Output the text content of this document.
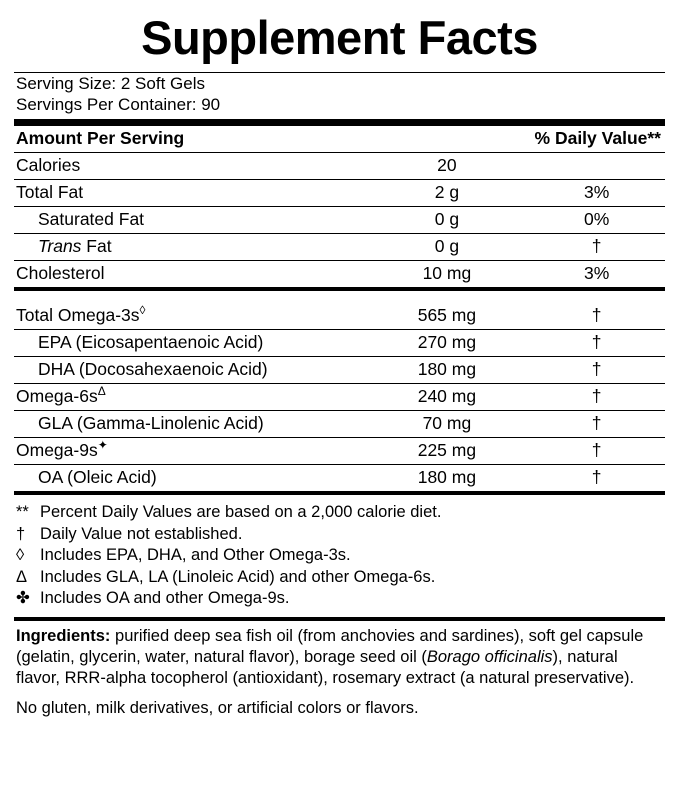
Supplement Facts
Serving Size: 2 Soft Gels
Servings Per Container: 90
Amount Per Serving		% Daily Value**
Calories	20	
Total Fat	2 g	3%
Saturated Fat	0 g	0%
Trans Fat	0 g	†
Cholesterol	10 mg	3%

Total Omega-3s◊	565 mg	†
EPA (Eicosapentaenoic Acid)	270 mg	†
DHA (Docosahexaenoic Acid)	180 mg	†
Omega-$6s^\Delta$	240 mg	†
GLA (Gamma-Linolenic Acid)	70 mg	†
Omega-9s✦	225 mg	†
OA (Oleic Acid)	180 mg	†
** Percent Daily Values are based on a 2,000 calorie diet.
† Daily Value not established.
◊ Includes EPA, DHA, and Other Omega-3s.
Δ Includes GLA, LA (Linoleic Acid) and other Omega-6s.
✤ Includes OA and other Omega-9s.
Ingredients: purified deep sea fish oil (from anchovies and sardines), soft gel capsule (gelatin, glycerin, water, natural flavor), borage seed oil (Borago officinalis), natural flavor, RRR-alpha tocopherol (antioxidant), rosemary extract (a natural preservative).
No gluten, milk derivatives, or artificial colors or flavors.
